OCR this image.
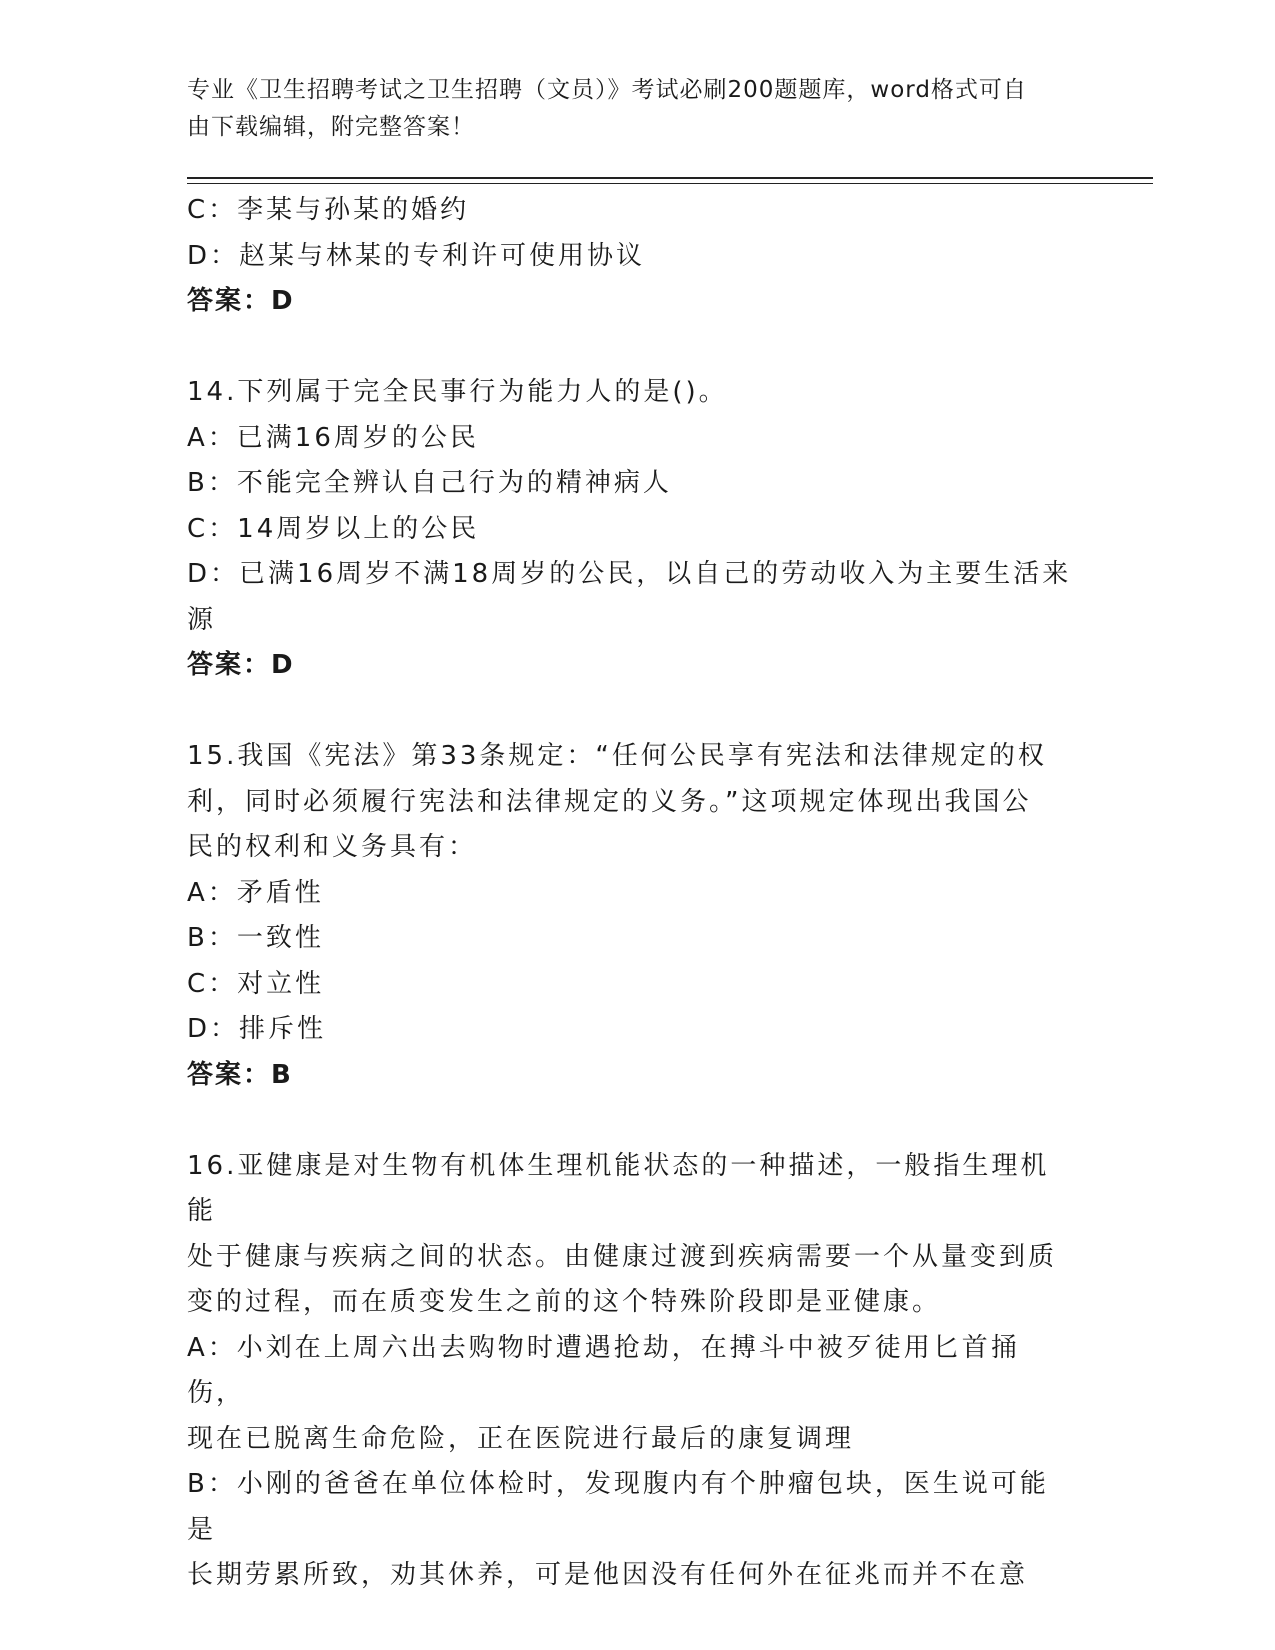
专业《卫生招聘考试之卫生招聘（文员）》考试必刷200题题库，word格式可自
由下载编辑，附完整答案！
C：李某与孙某的婚约
D：赵某与林某的专利许可使用协议
答案：D
14.下列属于完全民事行为能力人的是()。
A：已满16周岁的公民
B：不能完全辨认自己行为的精神病人
C：14周岁以上的公民
D：已满16周岁不满18周岁的公民，以自己的劳动收入为主要生活来
源
答案：D
15.我国《宪法》第33条规定：“任何公民享有宪法和法律规定的权
利，同时必须履行宪法和法律规定的义务。”这项规定体现出我国公
民的权利和义务具有：
A：矛盾性
B：一致性
C：对立性
D：排斥性
答案：B
16.亚健康是对生物有机体生理机能状态的一种描述，一般指生理机能
处于健康与疾病之间的状态。由健康过渡到疾病需要一个从量变到质
变的过程，而在质变发生之前的这个特殊阶段即是亚健康。
A：小刘在上周六出去购物时遭遇抢劫，在搏斗中被歹徒用匕首捅伤，
现在已脱离生命危险，正在医院进行最后的康复调理
B：小刚的爸爸在单位体检时，发现腹内有个肿瘤包块，医生说可能是
长期劳累所致，劝其休养，可是他因没有任何外在征兆而并不在意
